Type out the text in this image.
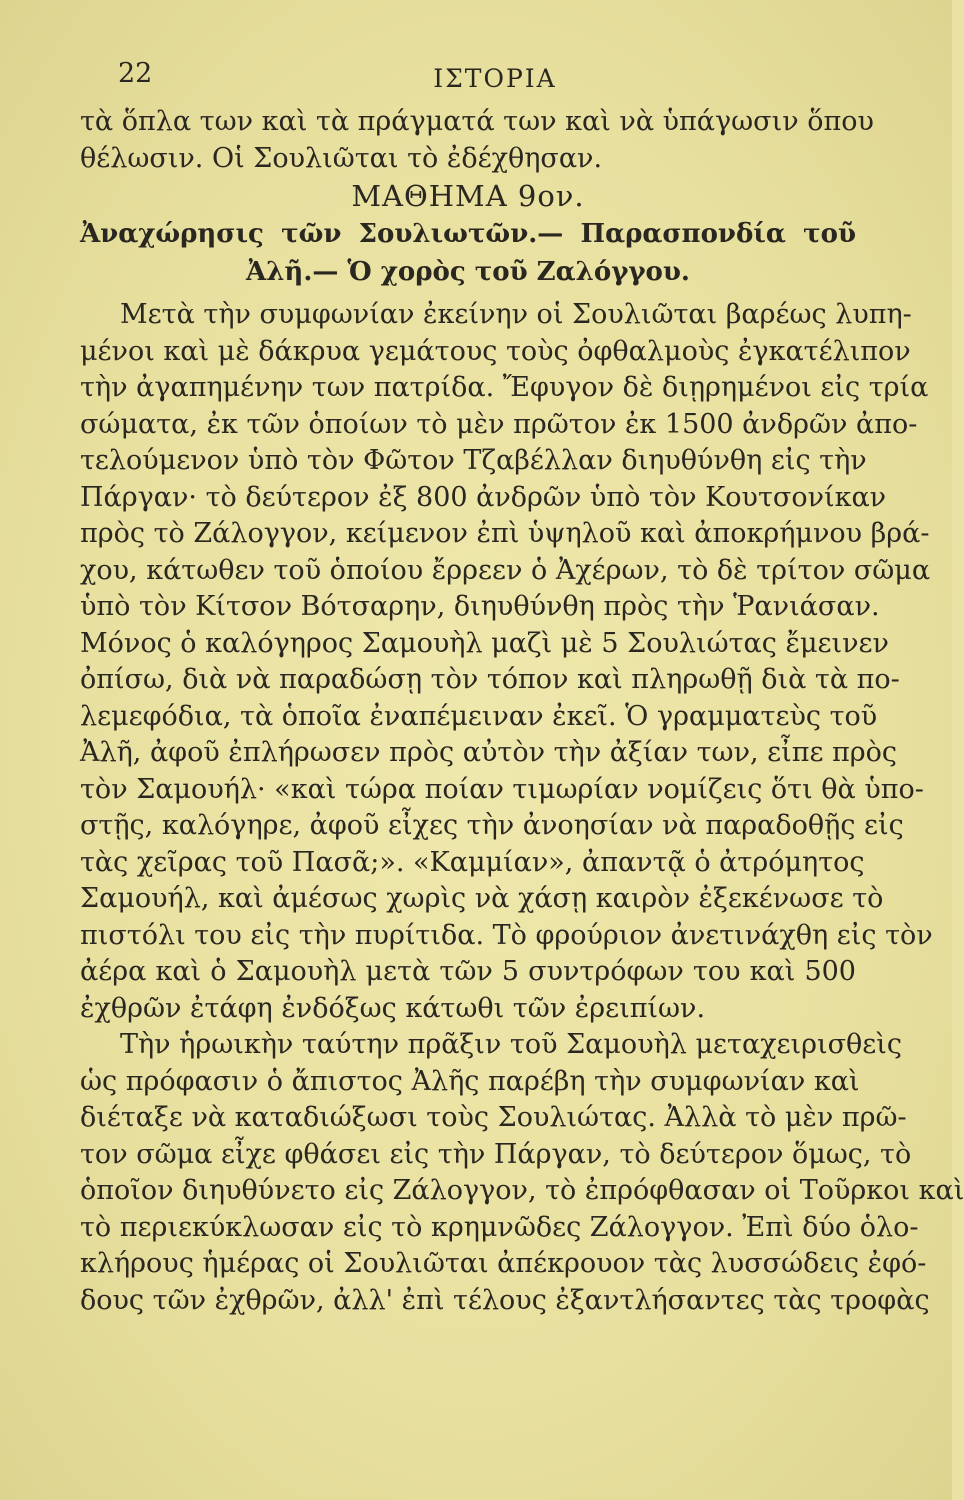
22	ΙΣΤΟΡΙΑ
τὰ ὅπλα των καὶ τὰ πράγματά των καὶ νὰ ὑπάγωσιν ὅπου
θέλωσιν. Οἱ Σουλιῶται τὸ ἐδέχθησαν.
ΜΑΘΗΜΑ 9ον.
Ἀναχώρησις τῶν Σουλιωτῶν.— Παρασπονδία τοῦ
Ἀλῆ.— Ὁ χορὸς τοῦ Ζαλόγγου.
Μετὰ τὴν συμφωνίαν ἐκείνην οἱ Σουλιῶται βαρέως λυπη-
μένοι καὶ μὲ δάκρυα γεμάτους τοὺς ὀφθαλμοὺς ἐγκατέλιπον
τὴν ἀγαπημένην των πατρίδα. Ἔφυγον δὲ διῃρημένοι εἰς τρία
σώματα, ἐκ τῶν ὁποίων τὸ μὲν πρῶτον ἐκ 1500 ἀνδρῶν ἀπο-
τελούμενον ὑπὸ τὸν Φῶτον Τζαβέλλαν διηυθύνθη εἰς τὴν
Πάργαν· τὸ δεύτερον ἐξ 800 ἀνδρῶν ὑπὸ τὸν Κουτσονίκαν
πρὸς τὸ Ζάλογγον, κείμενον ἐπὶ ὑψηλοῦ καὶ ἀποκρήμνου βρά-
χου, κάτωθεν τοῦ ὁποίου ἔρρεεν ὁ Ἀχέρων, τὸ δὲ τρίτον σῶμα
ὑπὸ τὸν Κίτσον Βότσαρην, διηυθύνθη πρὸς τὴν Ῥανιάσαν.
Μόνος ὁ καλόγηρος Σαμουὴλ μαζὶ μὲ 5 Σουλιώτας ἔμεινεν
ὀπίσω, διὰ νὰ παραδώσῃ τὸν τόπον καὶ πληρωθῇ διὰ τὰ πο-
λεμεφόδια, τὰ ὁποῖα ἐναπέμειναν ἐκεῖ. Ὁ γραμματεὺς τοῦ
Ἀλῆ, ἀφοῦ ἐπλήρωσεν πρὸς αὐτὸν τὴν ἀξίαν των, εἶπε πρὸς
τὸν Σαμουήλ· «καὶ τώρα ποίαν τιμωρίαν νομίζεις ὅτι θὰ ὑπο-
στῇς, καλόγηρε, ἀφοῦ εἶχες τὴν ἀνοησίαν νὰ παραδοθῇς εἰς
τὰς χεῖρας τοῦ Πασᾶ;». «Καμμίαν», ἀπαντᾷ ὁ ἀτρόμητος
Σαμουήλ, καὶ ἀμέσως χωρὶς νὰ χάσῃ καιρὸν ἐξεκένωσε τὸ
πιστόλι του εἰς τὴν πυρίτιδα. Τὸ φρούριον ἀνετινάχθη εἰς τὸν
ἀέρα καὶ ὁ Σαμουὴλ μετὰ τῶν 5 συντρόφων του καὶ 500
ἐχθρῶν ἐτάφη ἐνδόξως κάτωθι τῶν ἐρειπίων.
Τὴν ἡρωικὴν ταύτην πρᾶξιν τοῦ Σαμουὴλ μεταχειρισθεὶς
ὡς πρόφασιν ὁ ἄπιστος Ἀλῆς παρέβη τὴν συμφωνίαν καὶ
διέταξε νὰ καταδιώξωσι τοὺς Σουλιώτας. Ἀλλὰ τὸ μὲν πρῶ-
τον σῶμα εἶχε φθάσει εἰς τὴν Πάργαν, τὸ δεύτερον ὅμως, τὸ
ὁποῖον διηυθύνετο εἰς Ζάλογγον, τὸ ἐπρόφθασαν οἱ Τοῦρκοι καὶ
τὸ περιεκύκλωσαν εἰς τὸ κρημνῶδες Ζάλογγον. Ἐπὶ δύο ὁλο-
κλήρους ἡμέρας οἱ Σουλιῶται ἀπέκρουον τὰς λυσσώδεις ἐφό-
δους τῶν ἐχθρῶν, ἀλλ' ἐπὶ τέλους ἐξαντλήσαντες τὰς τροφὰς
